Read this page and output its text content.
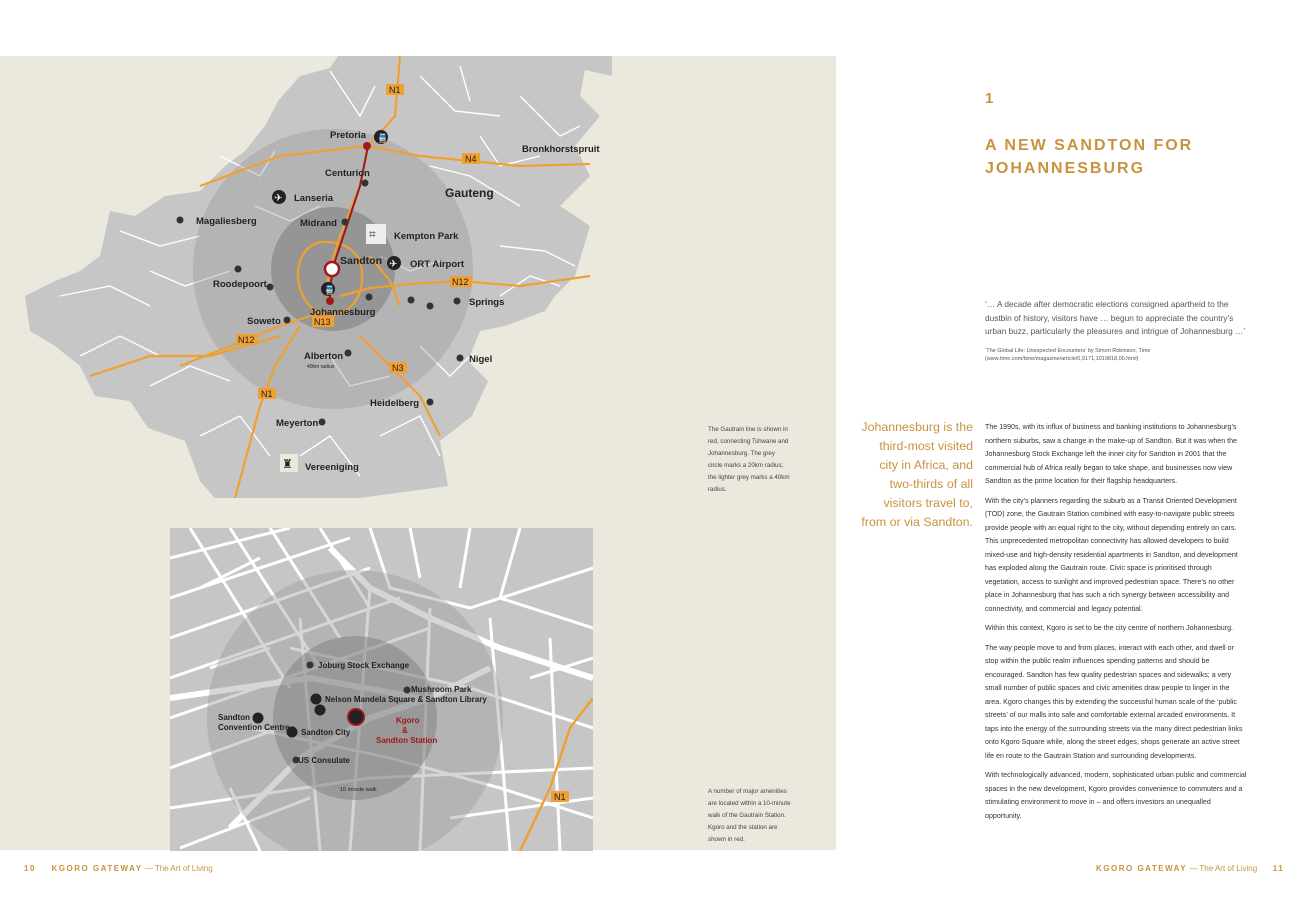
N1
N4
N12
N13
N12
N3
N1
🚆
🚆
✈
✈
⌗
♜
Pretoria
Centurion
Bronkhorstspruit
Gauteng
Lanseria
Magaliesberg	Midrand
Kempton Park
Sandton	ORT Airport
Roodepoort
Johannesburg
Springs
Soweto
Alberton	Nigel
Heidelberg
Meyerton
Vereeniging
40km radius
The Gautrain line is shown in red, connecting Tshwane and Johannesburg. The grey circle marks a 20km radius; the lighter grey marks a 40km radius.
N1
Joburg Stock Exchange
Mushroom Park
Nelson Mandela Square & Sandton Library
Sandton
Convention Centre
Sandton City
US Consulate
Kgoro
&
Sandton Station
10 minute walk	A number of major amenities are located within a 10-minute walk of the Gautrain Station. Kgoro and the station are shown in red.
1
A NEW SANDTON FOR JOHANNESBURG
‘… A decade after democratic elections consigned apartheid to the dustbin of history, visitors have … begun to appreciate the country’s urban buzz, particularly the pleasures and intrigue of Johannesburg …’
‘The Global Life: Unexpected Encounters’ by Simon Robinson, Time
(www.time.com/time/magazine/article/0,9171,1019818,00.html)
Johannesburg is the third-most visited city in Africa, and two-thirds of all visitors travel to, from or via Sandton.

The 1990s, with its influx of business and banking institutions to Johannesburg’s northern suburbs, saw a change in the make-up of Sandton. But it was when the Johannesburg Stock Exchange left the inner city for Sandton in 2001 that the commercial hub of Africa really began to take shape, and businesses now view Sandton as the prime location for their flagship headquarters.

With the city’s planners regarding the suburb as a Transit Oriented Development (TOD) zone, the Gautrain Station combined with easy-to-navigate public streets provide people with an equal right to the city, without depending entirely on cars. This unprecedented metropolitan connectivity has allowed developers to build mixed-use and high-density residential apartments in Sandton, and development has exploded along the Gautrain route. Civic space is prioritised through vegetation, access to sunlight and improved pedestrian space. There’s no other place in Johannesburg that has such a rich synergy between accessibility and connectivity, and commercial and legacy potential.

Within this context, Kgoro is set to be the city centre of northern Johannesburg.

The way people move to and from places, interact with each other, and dwell or stop within the public realm influences spending patterns and should be encouraged. Sandton has few quality pedestrian spaces and sidewalks; a very small number of public spaces and civic amenities draw people to linger in the area. Kgoro changes this by extending the successful human scale of the ‘public streets’ of our malls into safe and comfortable external arcaded environments. It taps into the energy of the surrounding streets via the many direct pedestrian links onto Kgoro Square while, along the street edges, shops generate an active street life en route to the Gautrain Station and surrounding developments.

With technologically advanced, modern, sophisticated urban public and commercial spaces in the new development, Kgoro provides convenience to commuters and a stimulating environment to move in – and offers investors an unequalled opportunity.

10 KGORO GATEWAY — The Art of Living	KGORO GATEWAY — The Art of Living 11
